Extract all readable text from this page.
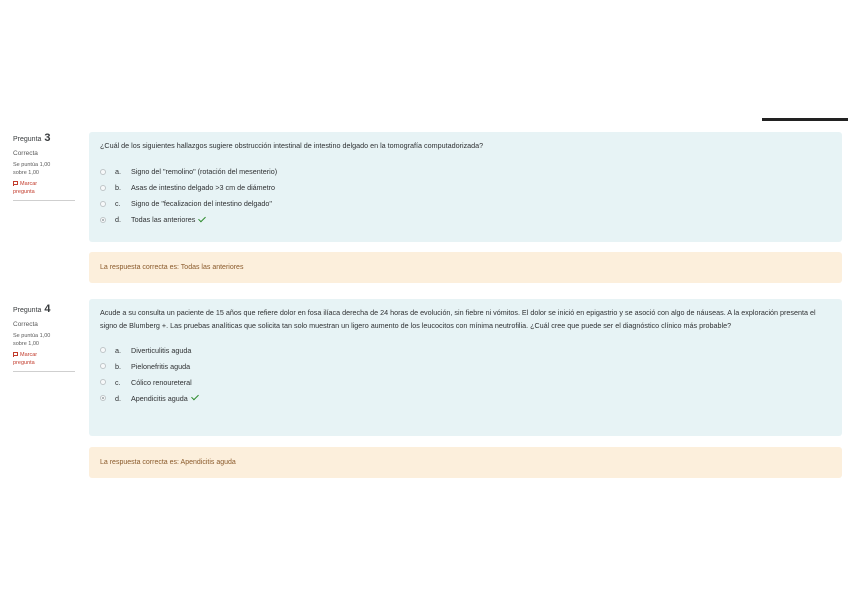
Pregunta 3

Correcta

Se puntúa 1,00
sobre 1,00
Marcar
pregunta

¿Cuál de los siguientes hallazgos sugiere obstrucción intestinal de intestino delgado en la tomografía computadorizada?

a.	Signo del "remolino" (rotación del mesenterio)
b.	Asas de intestino delgado >3 cm de diámetro
c.	Signo de "fecalizacion del intestino delgado"
d.	Todas las anteriores
La respuesta correcta es: Todas las anteriores

Pregunta 4

Correcta

Se puntúa 1,00
sobre 1,00
Marcar
pregunta

Acude a su consulta un paciente de 15 años que refiere dolor en fosa ilíaca derecha de 24 horas de evolución, sin fiebre ni vómitos. El dolor se inició en epigastrio y se asoció con algo de náuseas. A la exploración presenta el signo de Blumberg +. Las pruebas analíticas que solicita tan solo muestran un ligero aumento de los leucocitos con mínima neutrofilia. ¿Cuál cree que puede ser el diagnóstico clínico más probable?

a.	Diverticulitis aguda
b.	Pielonefritis aguda
c.	Cólico renoureteral
d.	Apendicitis aguda
La respuesta correcta es: Apendicitis aguda
